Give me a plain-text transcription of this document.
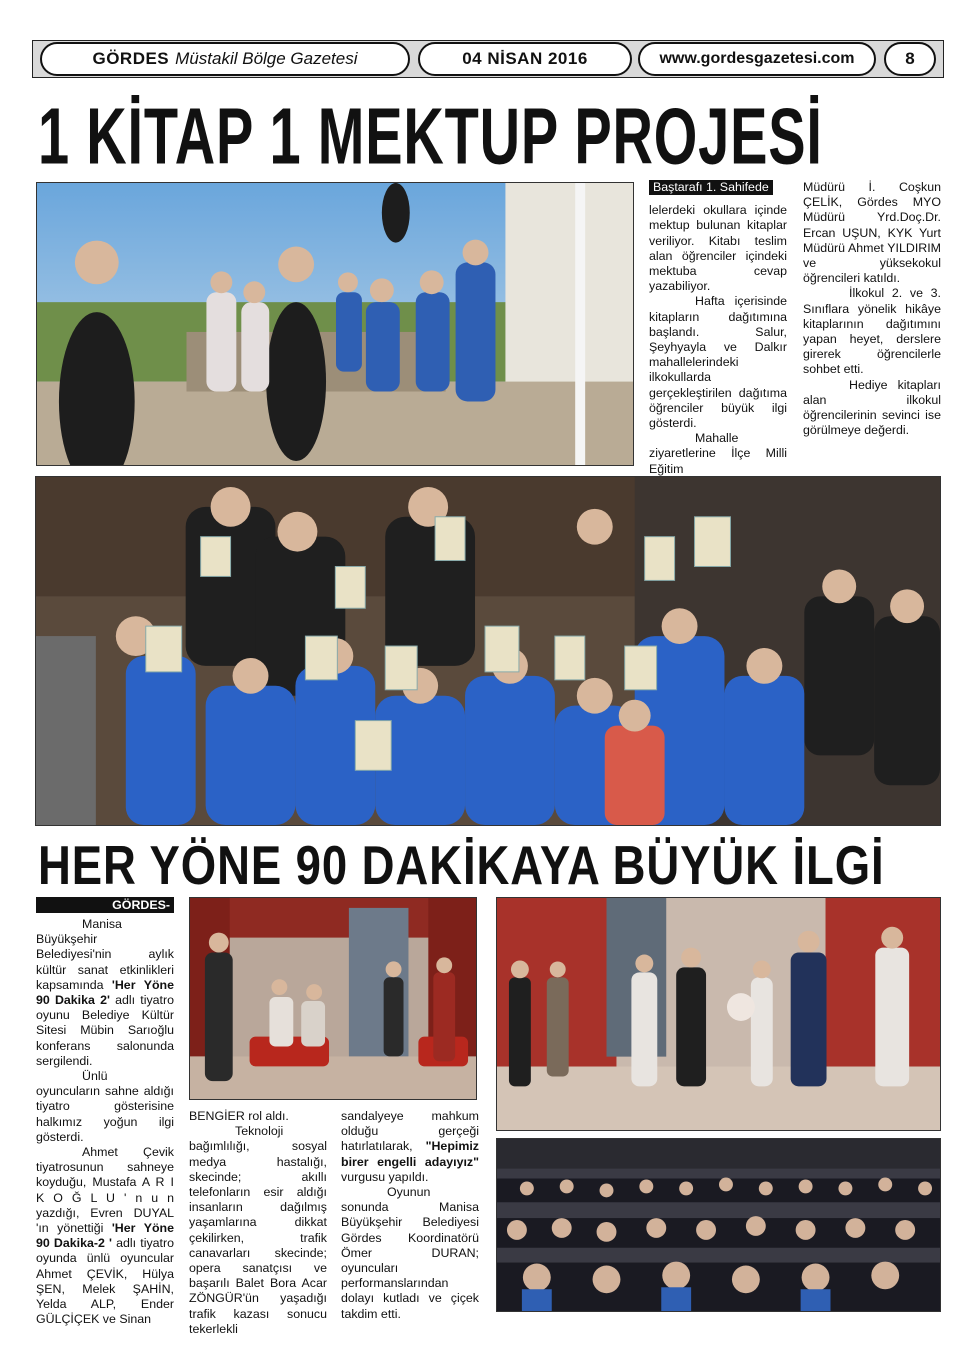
GÖRDES Müstakil Bölge Gazetesi	04 NİSAN 2016	www.gordesgazetesi.com	8
1 KİTAP 1 MEKTUP PROJESİ
Baştarafı 1. Sahifede

lelerdeki okullara içinde mektup bulunan kitaplar veriliyor. Kitabı teslim alan öğrenciler içindeki mektuba cevap yazabiliyor.

Hafta içerisinde kitapların dağıtımına başlandı. Salur, Şeyhyayla ve Dalkır mahallelerindeki ilkokullarda gerçekleştirilen dağıtıma öğrenciler büyük ilgi gösterdi.

Mahalle ziyaretlerine İlçe Milli Eğitim

Müdürü İ. Coşkun ÇELİK, Gördes MYO Müdürü Yrd.Doç.Dr. Ercan UŞUN, KYK Yurt Müdürü Ahmet YILDIRIM ve yüksekokul öğrencileri katıldı.

İlkokul 2. ve 3. Sınıflara yönelik hikâye kitaplarının dağıtımını yapan heyet, derslere girerek öğrencilerle sohbet etti.

Hediye kitapları alan ilkokul öğrencilerinin sevinci ise görülmeye değerdi.

HER YÖNE 90 DAKİKAYA BÜYÜK İLGİ
GÖRDES-

Manisa Büyükşehir Belediyesi'nin aylık kültür sanat etkinlikleri kapsamında 'Her Yöne 90 Dakika 2' adlı tiyatro oyunu Belediye Kültür Sitesi Mübin Sarıoğlu konferans salonunda sergilendi.

Ünlü oyuncuların sahne aldığı tiyatro gösterisine halkımız yoğun ilgi gösterdi.

Ahmet Çevik tiyatrosunun sahneye koyduğu, Mustafa A R I K O Ğ L U ' n u n yazdığı, Evren DUYAL 'ın yönettiği 'Her Yöne 90 Dakika-2 ' adlı tiyatro oyunda ünlü oyuncular Ahmet ÇEVİK, Hülya ŞEN, Melek ŞAHİN, Yelda ALP, Ender GÜLÇİÇEK ve Sinan

BENGİER rol aldı.

Teknoloji bağımlılığı, sosyal medya hastalığı, skecinde; akıllı telefonların esir aldığı insanların dağılmış yaşamlarına dikkat çekilirken, trafik canavarları skecinde; opera sanatçısı ve başarılı Balet Bora Acar ZÖNGÜR'ün yaşadığı trafik kazası sonucu tekerlekli

sandalyeye mahkum olduğu gerçeği hatırlatılarak, "Hepimiz birer engelli adayıyız" vurgusu yapıldı.

Oyunun sonunda Manisa Büyükşehir Belediyesi Gördes Koordinatörü Ömer DURAN; oyuncuları performanslarından dolayı kutladı ve çiçek takdim etti.
